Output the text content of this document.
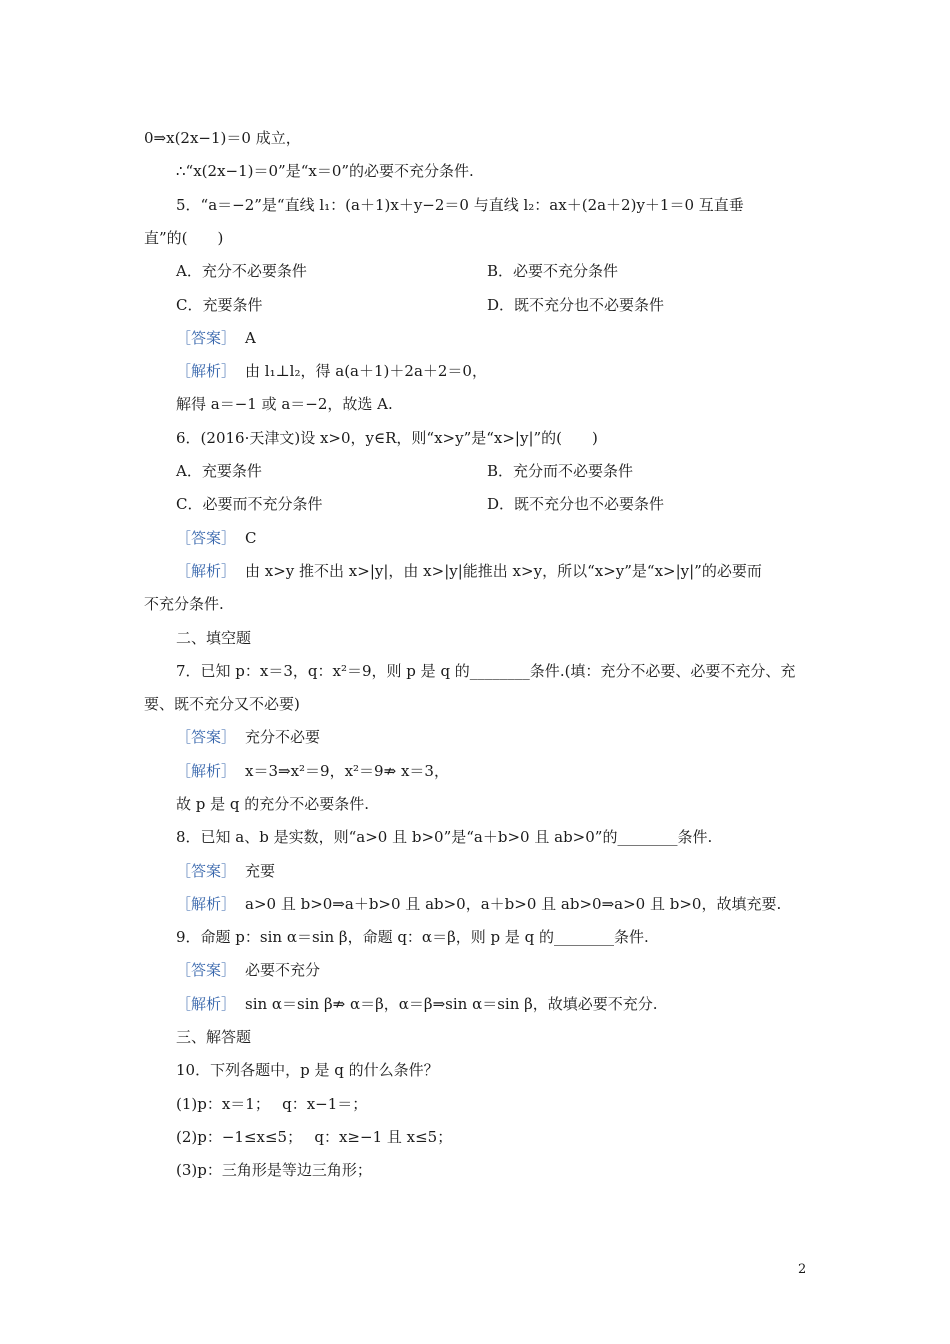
0⇒x(2x−1)＝0 成立，
∴“x(2x−1)＝0”是“x＝0”的必要不充分条件.
5．“a＝−2”是“直线 l₁：(a＋1)x＋y−2＝0 与直线 l₂：ax＋(2a＋2)y＋1＝0 互直垂
直”的(　　)
A．充分不必要条件	B．必要不充分条件
C．充要条件	D．既不充分也不必要条件
［答案］ A
［解析］ 由 l₁⊥l₂，得 a(a＋1)＋2a＋2＝0，
解得 a＝−1 或 a＝−2，故选 A.
6．(2016·天津文)设 x>0，y∈R，则“x>y”是“x>|y|”的(　　)
A．充要条件	B．充分而不必要条件
C．必要而不充分条件	D．既不充分也不必要条件
［答案］ C
［解析］ 由 x>y 推不出 x>|y|，由 x>|y|能推出 x>y，所以“x>y”是“x>|y|”的必要而
不充分条件.
二、填空题
7．已知 p：x＝3，q：x²＝9，则 p 是 q 的________条件.(填：充分不必要、必要不充分、充
要、既不充分又不必要)
［答案］ 充分不必要
［解析］ x＝3⇒x²＝9，x²＝9⇏ x＝3，
故 p 是 q 的充分不必要条件.
8．已知 a、b 是实数，则“a>0 且 b>0”是“a＋b>0 且 ab>0”的________条件.
［答案］ 充要
［解析］ a>0 且 b>0⇒a＋b>0 且 ab>0，a＋b>0 且 ab>0⇒a>0 且 b>0，故填充要.
9．命题 p：sin α＝sin β，命题 q：α＝β，则 p 是 q 的________条件.
［答案］ 必要不充分
［解析］ sin α＝sin β⇏ α＝β，α＝β⇒sin α＝sin β，故填必要不充分.
三、解答题
10．下列各题中，p 是 q 的什么条件？
(1)p：x＝1；　 q：x−1＝；
(2)p：−1≤x≤5；　 q：x≥−1 且 x≤5；
(3)p：三角形是等边三角形；
2
